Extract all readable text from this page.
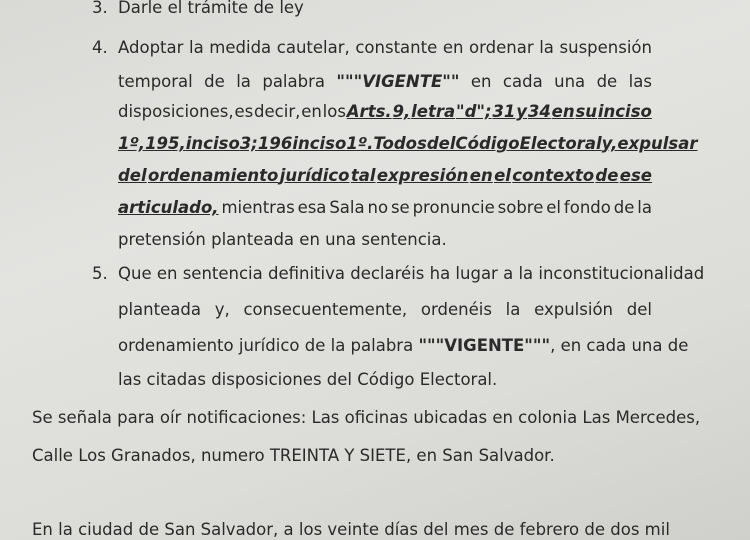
3. Darle el trámite de ley
4. Adoptar la medida cautelar, constante en ordenar la suspensión
temporal de la palabra """VIGENTE"" en cada una de las
disposiciones, es decir, en los Arts. 9, letra "d"; 31 y 34 en su inciso
1º, 195, inciso 3; 196 inciso 1º. Todos del Código Electoral y, expulsar
del ordenamiento jurídico tal expresión en el contexto de ese
articulado, mientras esa Sala no se pronuncie sobre el fondo de la
pretensión planteada en una sentencia.
5. Que en sentencia definitiva declaréis ha lugar a la inconstitucionalidad
planteada y, consecuentemente, ordenéis la expulsión del
ordenamiento jurídico de la palabra """VIGENTE""", en cada una de
las citadas disposiciones del Código Electoral.
Se señala para oír notificaciones: Las oficinas ubicadas en colonia Las Mercedes,
Calle Los Granados, numero TREINTA Y SIETE, en San Salvador.
En la ciudad de San Salvador, a los veinte días del mes de febrero de dos mil
